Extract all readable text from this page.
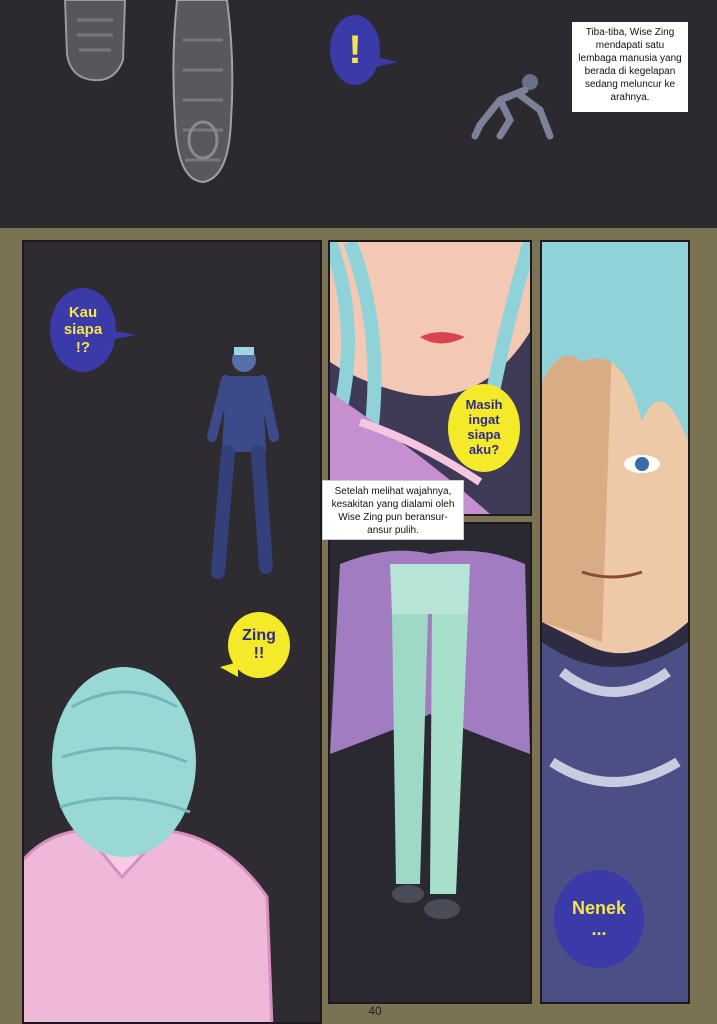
!	Tiba-tiba, Wise Zing mendapati satu lembaga manusia yang berada di kegelapan sedang meluncur ke arahnya.
Kau
siapa
!?
Zing
!!
Masih
ingat
siapa
aku?
Setelah melihat wajahnya, kesakitan yang dialami oleh Wise Zing pun beransur-ansur pulih.
Nenek
...
40
